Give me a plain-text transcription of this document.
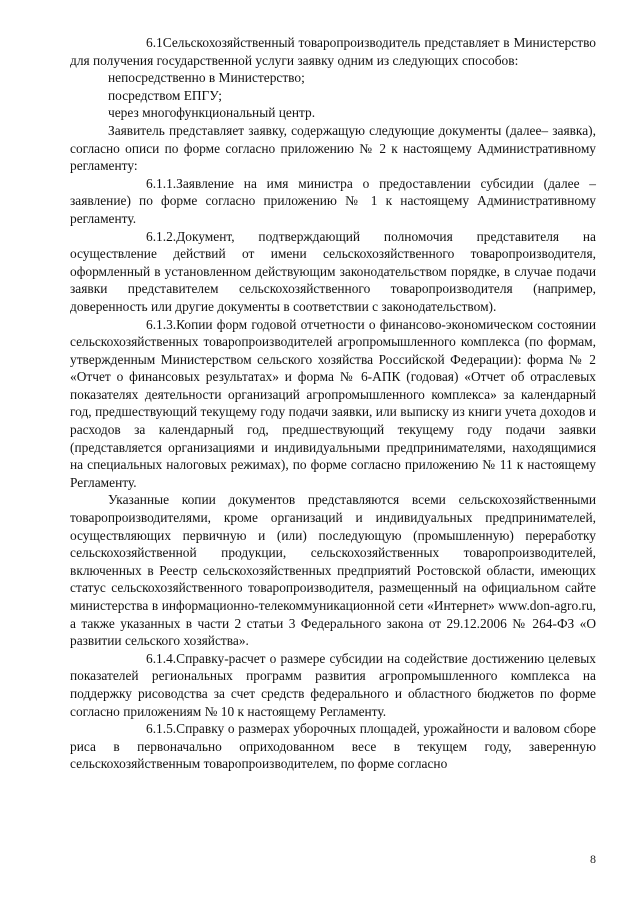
6.1Сельскохозяйственный товаропроизводитель представляет в Министерство для получения государственной услуги заявку одним из следующих способов:

непосредственно в Министерство;

посредством ЕПГУ;

через многофункциональный центр.

Заявитель представляет заявку, содержащую следующие документы (далее– заявка), согласно описи по форме согласно приложению № 2 к настоящему Административному регламенту:

6.1.1.Заявление на имя министра о предоставлении субсидии (далее – заявление) по форме согласно приложению № 1 к настоящему Административному регламенту.

6.1.2.Документ, подтверждающий полномочия представителя на осуществление действий от имени сельскохозяйственного товаропроизводителя, оформленный в установленном действующим законодательством порядке, в случае подачи заявки представителем сельскохозяйственного товаропроизводителя (например, доверенность или другие документы в соответствии с законодательством).

6.1.3.Копии форм годовой отчетности о финансово-экономическом состоянии сельскохозяйственных товаропроизводителей агропромышленного комплекса (по формам, утвержденным Министерством сельского хозяйства Российской Федерации): форма № 2 «Отчет о финансовых результатах» и форма № 6-АПК (годовая) «Отчет об отраслевых показателях деятельности организаций агропромышленного комплекса» за календарный год, предшествующий текущему году подачи заявки, или выписку из книги учета доходов и расходов за календарный год, предшествующий текущему году подачи заявки (представляется организациями и индивидуальными предпринимателями, находящимися на специальных налоговых режимах), по форме согласно приложению № 11 к настоящему Регламенту.

Указанные копии документов представляются всеми сельскохозяйственными товаропроизводителями, кроме организаций и индивидуальных предпринимателей, осуществляющих первичную и (или) последующую (промышленную) переработку сельскохозяйственной продукции, сельскохозяйственных товаропроизводителей, включенных в Реестр сельскохозяйственных предприятий Ростовской области, имеющих статус сельскохозяйственного товаропроизводителя, размещенный на официальном сайте министерства в информационно-телекоммуникационной сети «Интернет» www.don-agro.ru, а также указанных в части 2 статьи 3 Федерального закона от 29.12.2006 № 264-ФЗ «О развитии сельского хозяйства».

6.1.4.Справку-расчет о размере субсидии на содействие достижению целевых показателей региональных программ развития агропромышленного комплекса на поддержку рисоводства за счет средств федерального и областного бюджетов по форме согласно приложениям № 10 к настоящему Регламенту.

6.1.5.Справку о размерах уборочных площадей, урожайности и валовом сборе риса в первоначально оприходованном весе в текущем году, заверенную сельскохозяйственным товаропроизводителем, по форме согласно

8
